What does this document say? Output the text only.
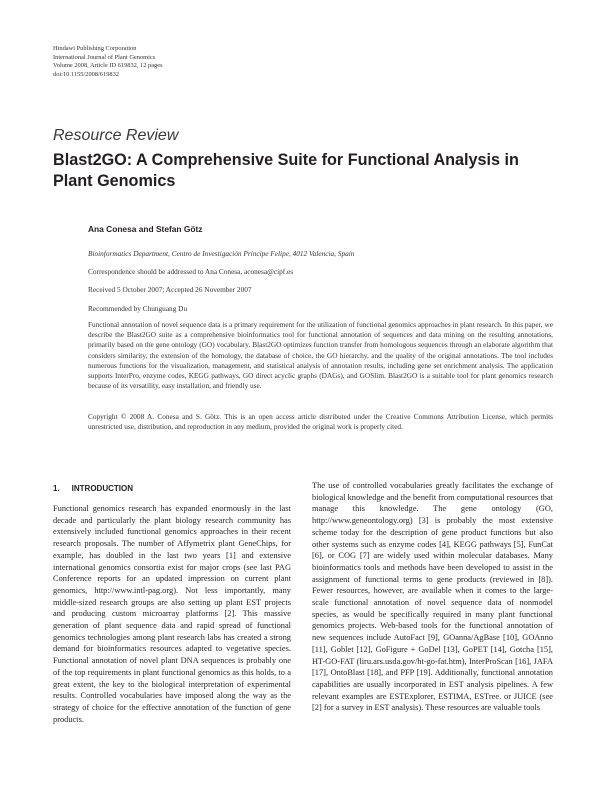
Hindawi Publishing Corporation
International Journal of Plant Genomics
Volume 2008, Article ID 619832, 12 pages
doi:10.1155/2008/619832
Resource Review
Blast2GO: A Comprehensive Suite for Functional Analysis in Plant Genomics
Ana Conesa and Stefan Götz
Bioinformatics Department, Centro de Investigación Príncipe Felipe, 4012 Valencia, Spain
Correspondence should be addressed to Ana Conesa, aconesa@cipf.es
Received 5 October 2007; Accepted 26 November 2007
Recommended by Chunguang Du

Functional annotation of novel sequence data is a primary requirement for the utilization of functional genomics approaches in plant research. In this paper, we describe the Blast2GO suite as a comprehensive bioinformatics tool for functional annotation of sequences and data mining on the resulting annotations, primarily based on the gene ontology (GO) vocabulary. Blast2GO optimizes function transfer from homologous sequences through an elaborate algorithm that considers similarity, the extension of the homology, the database of choice, the GO hierarchy, and the quality of the original annotations. The tool includes numerous functions for the visualization, management, and statistical analysis of annotation results, including gene set enrichment analysis. The application supports InterPro, enzyme codes, KEGG pathways, GO direct acyclic graphs (DAGs), and GOSlim. Blast2GO is a suitable tool for plant genomics research because of its versatility, easy installation, and friendly use.

Copyright © 2008 A. Conesa and S. Götz. This is an open access article distributed under the Creative Commons Attribution License, which permits unrestricted use, distribution, and reproduction in any medium, provided the original work is properly cited.

1. INTRODUCTION

Functional genomics research has expanded enormously in the last decade and particularly the plant biology research community has extensively included functional genomics approaches in their recent research proposals. The number of Affymetrix plant GeneChips, for example, has doubled in the last two years [1] and extensive international genomics consortia exist for major crops (see last PAG Conference reports for an updated impression on current plant genomics, http://www.intl-pag.org). Not less importantly, many middle-sized research groups are also setting up plant EST projects and producing custom microarray platforms [2]. This massive generation of plant sequence data and rapid spread of functional genomics technologies among plant research labs has created a strong demand for bioinformatics resources adapted to vegetative species. Functional annotation of novel plant DNA sequences is probably one of the top requirements in plant functional genomics as this holds, to a great extent, the key to the biological interpretation of experimental results. Controlled vocabularies have imposed along the way as the strategy of choice for the effective annotation of the function of gene products.

The use of controlled vocabularies greatly facilitates the exchange of biological knowledge and the benefit from computational resources that manage this knowledge. The gene ontology (GO, http://www.geneontology.org) [3] is probably the most extensive scheme today for the description of gene product functions but also other systems such as enzyme codes [4], KEGG pathways [5], FunCat [6], or COG [7] are widely used within molecular databases. Many bioinformatics tools and methods have been developed to assist in the assignment of functional terms to gene products (reviewed in [8]). Fewer resources, however, are available when it comes to the large-scale functional annotation of novel sequence data of nonmodel species, as would be specifically required in many plant functional genomics projects. Web-based tools for the functional annotation of new sequences include AutoFact [9], GOanna/AgBase [10], GOAnno [11], Goblet [12], GoFigure + GoDel [13], GoPET [14], Gotcha [15], HT-GO-FAT (liru.ars.usda.gov/ht-go-fat.htm), InterProScan [16], JAFA [17], OntoBlast [18], and PFP [19]. Additionally, functional annotation capabilities are usually incorporated in EST analysis pipelines. A few relevant examples are ESTExplorer, ESTIMA, ESTree. or JUICE (see [2] for a survey in EST analysis). These resources are valuable tools
